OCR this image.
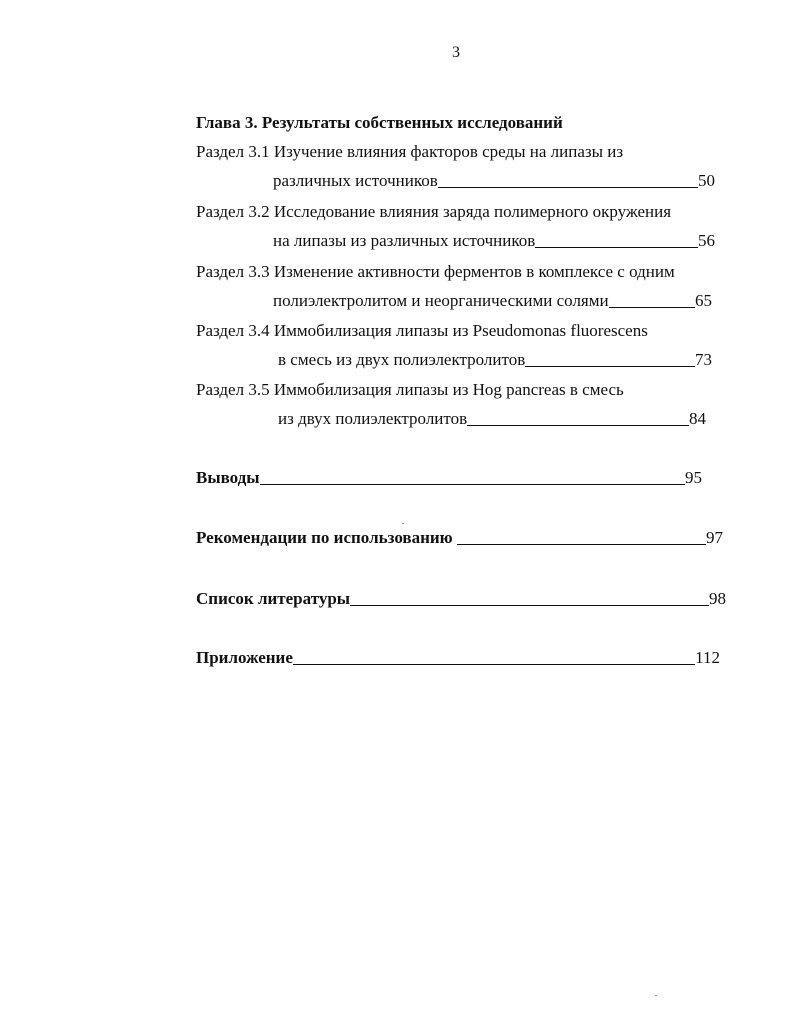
3
Глава 3. Результаты собственных исследований
Раздел 3.1 Изучение влияния факторов среды на липазы из
различных источников	50
Раздел 3.2 Исследование влияния заряда полимерного окружения
на липазы из различных источников	56
Раздел 3.3 Изменение активности ферментов в комплексе с одним
полиэлектролитом и неорганическими солями	65
Раздел 3.4 Иммобилизация липазы из Pseudomonas fluorescens
в смесь из двух полиэлектролитов	73
Раздел 3.5 Иммобилизация липазы из Hog pancreas в смесь
из двух полиэлектролитов	84
Выводы	95
Рекомендации по использованию	97
Список литературы	98
Приложение	112
